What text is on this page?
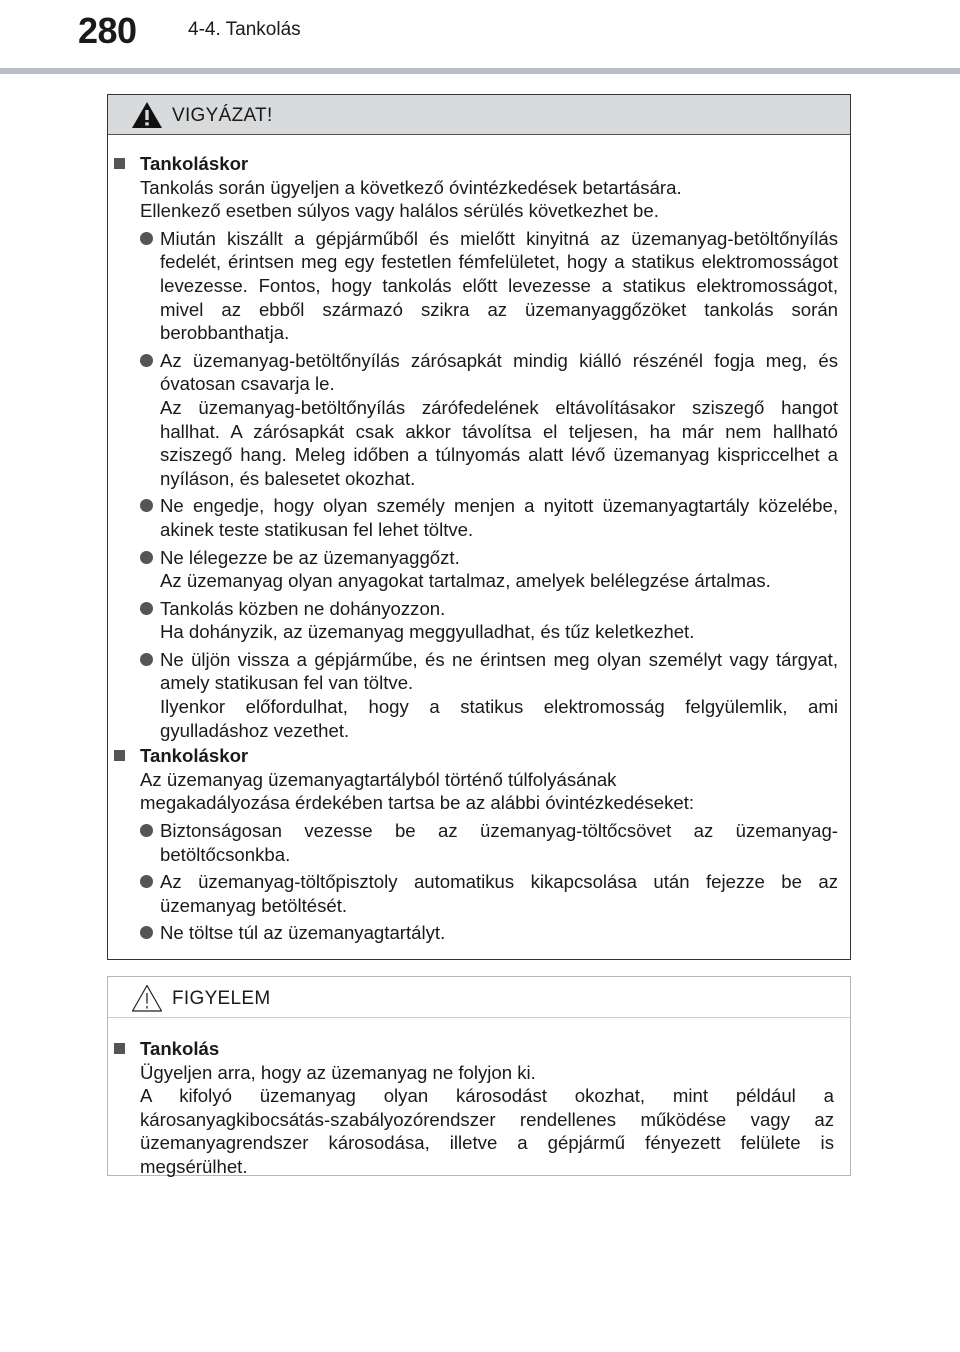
280	4-4. Tankolás
VIGYÁZAT!
Tankoláskor
Tankolás során ügyeljen a következő óvintézkedések betartására. Ellenkező esetben súlyos vagy halálos sérülés következhet be.
Miután kiszállt a gépjárműből és mielőtt kinyitná az üzemanyag-betöltőnyílás fedelét, érintsen meg egy festetlen fémfelületet, hogy a statikus elektromosságot levezesse. Fontos, hogy tankolás előtt levezesse a statikus elektromosságot, mivel az ebből származó szikra az üzemanyaggőzöket tankolás során berobbanthatja.
Az üzemanyag-betöltőnyílás zárósapkát mindig kiálló részénél fogja meg, és óvatosan csavarja le.
Az üzemanyag-betöltőnyílás zárófedelének eltávolításakor sziszegő hangot hallhat. A zárósapkát csak akkor távolítsa el teljesen, ha már nem hallható sziszegő hang. Meleg időben a túlnyomás alatt lévő üzemanyag kispriccelhet a nyíláson, és balesetet okozhat.
Ne engedje, hogy olyan személy menjen a nyitott üzemanyagtartály közelébe, akinek teste statikusan fel lehet töltve.
Ne lélegezze be az üzemanyaggőzt.
Az üzemanyag olyan anyagokat tartalmaz, amelyek belélegzése ártalmas.
Tankolás közben ne dohányozzon.
Ha dohányzik, az üzemanyag meggyulladhat, és tűz keletkezhet.
Ne üljön vissza a gépjárműbe, és ne érintsen meg olyan személyt vagy tárgyat, amely statikusan fel van töltve.
Ilyenkor előfordulhat, hogy a statikus elektromosság felgyülemlik, ami gyulladáshoz vezethet.
Tankoláskor
Az üzemanyag üzemanyagtartályból történő túlfolyásának megakadályozása érdekében tartsa be az alábbi óvintézkedéseket:
Biztonságosan vezesse be az üzemanyag-töltőcsövet az üzemanyag-betöltőcsonkba.
Az üzemanyag-töltőpisztoly automatikus kikapcsolása után fejezze be az üzemanyag betöltését.
Ne töltse túl az üzemanyagtartályt.
FIGYELEM
Tankolás
Ügyeljen arra, hogy az üzemanyag ne folyjon ki.
A kifolyó üzemanyag olyan károsodást okozhat, mint például a károsanyagkibocsátás-szabályozórendszer rendellenes működése vagy az üzemanyagrendszer károsodása, illetve a gépjármű fényezett felülete is megsérülhet.
